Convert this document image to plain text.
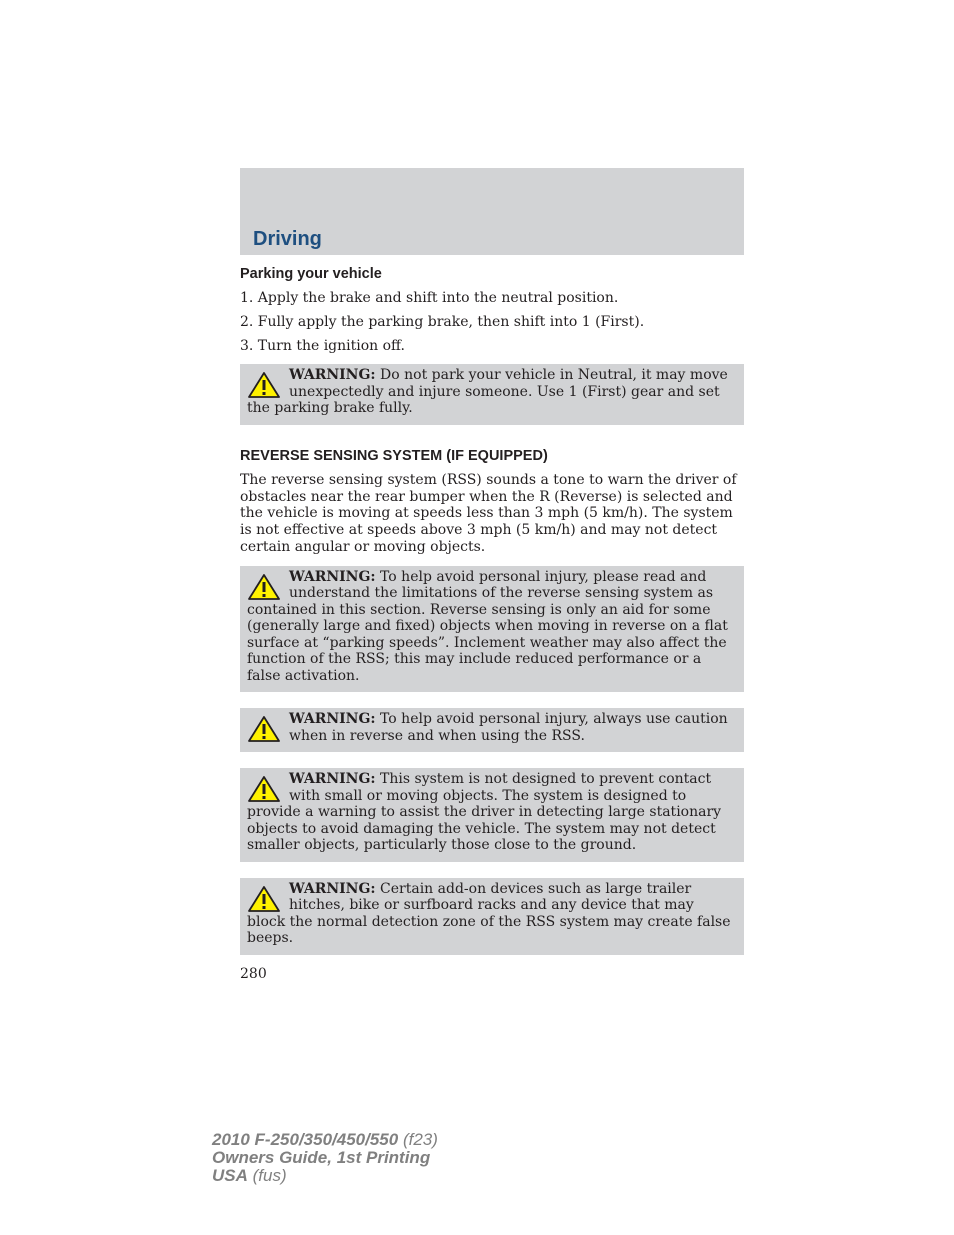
Driving
Parking your vehicle

1. Apply the brake and shift into the neutral position.

2. Fully apply the parking brake, then shift into 1 (First).

3. Turn the ignition off.

WARNING: Do not park your vehicle in Neutral, it may move unexpectedly and injure someone. Use 1 (First) gear and set the parking brake fully.
REVERSE SENSING SYSTEM (IF EQUIPPED)

The reverse sensing system (RSS) sounds a tone to warn the driver of obstacles near the rear bumper when the R (Reverse) is selected and the vehicle is moving at speeds less than 3 mph (5 km/h). The system is not effective at speeds above 3 mph (5 km/h) and may not detect certain angular or moving objects.

WARNING: To help avoid personal injury, please read and understand the limitations of the reverse sensing system as contained in this section. Reverse sensing is only an aid for some (generally large and fixed) objects when moving in reverse on a flat surface at “parking speeds”. Inclement weather may also affect the function of the RSS; this may include reduced performance or a false activation.
WARNING: To help avoid personal injury, always use caution when in reverse and when using the RSS.
WARNING: This system is not designed to prevent contact with small or moving objects. The system is designed to provide a warning to assist the driver in detecting large stationary objects to avoid damaging the vehicle. The system may not detect smaller objects, particularly those close to the ground.
WARNING: Certain add-on devices such as large trailer hitches, bike or surfboard racks and any device that may block the normal detection zone of the RSS system may create false beeps.

280

2010 F-250/350/450/550 (f23)
Owners Guide, 1st Printing
USA (fus)
